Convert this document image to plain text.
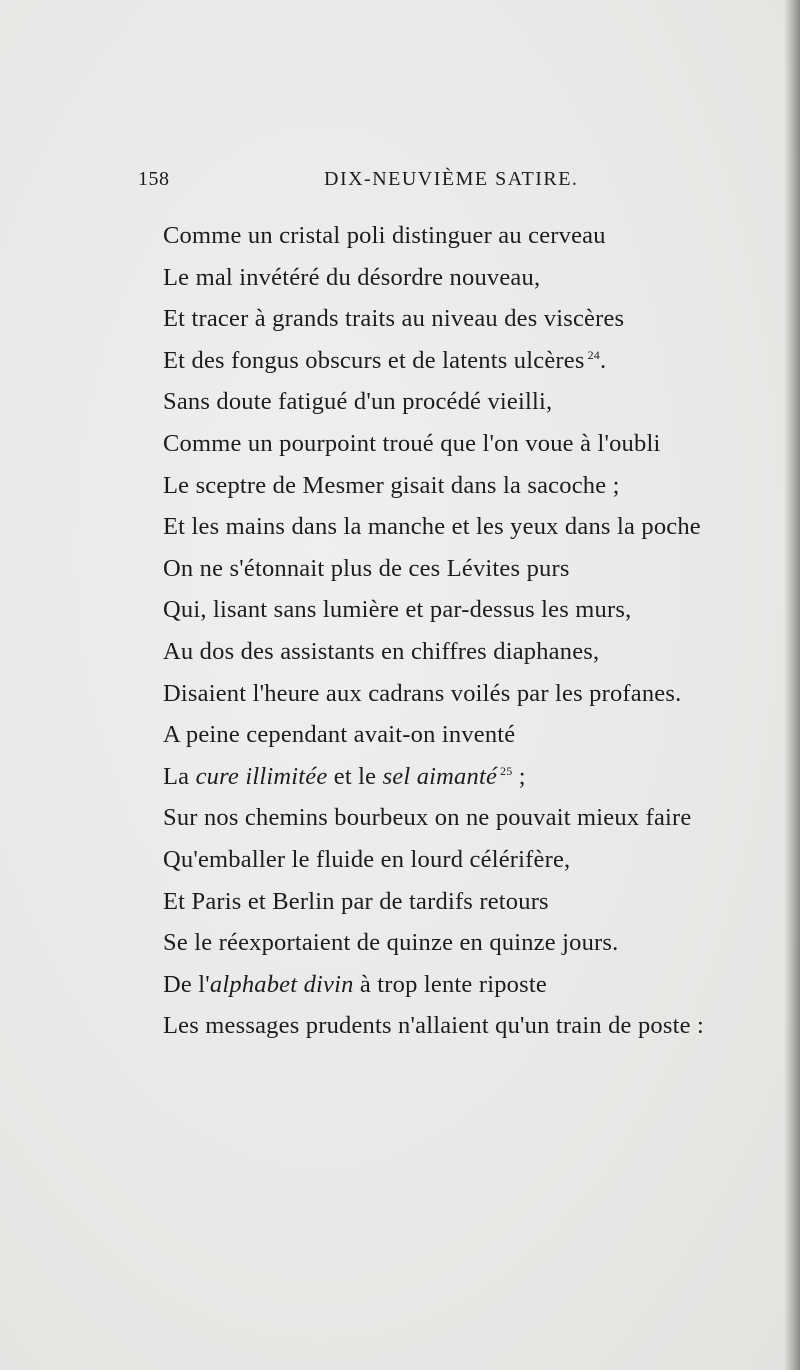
158	DIX-NEUVIÈME SATIRE.
Comme un cristal poli distinguer au cerveau
Le mal invétéré du désordre nouveau,
Et tracer à grands traits au niveau des viscères
Et des fongus obscurs et de latents ulcères $^{24}$.
Sans doute fatigué d'un procédé vieilli,
Comme un pourpoint troué que l'on voue à l'oubli
Le sceptre de Mesmer gisait dans la sacoche ;
Et les mains dans la manche et les yeux dans la poche
On ne s'étonnait plus de ces Lévites purs
Qui, lisant sans lumière et par-dessus les murs,
Au dos des assistants en chiffres diaphanes,
Disaient l'heure aux cadrans voilés par les profanes.
A peine cependant avait-on inventé
La cure illimitée et le sel aimanté $^{25}$ ;
Sur nos chemins bourbeux on ne pouvait mieux faire
Qu'emballer le fluide en lourd célérifère,
Et Paris et Berlin par de tardifs retours
Se le réexportaient de quinze en quinze jours.
De l'alphabet divin à trop lente riposte
Les messages prudents n'allaient qu'un train de poste :
